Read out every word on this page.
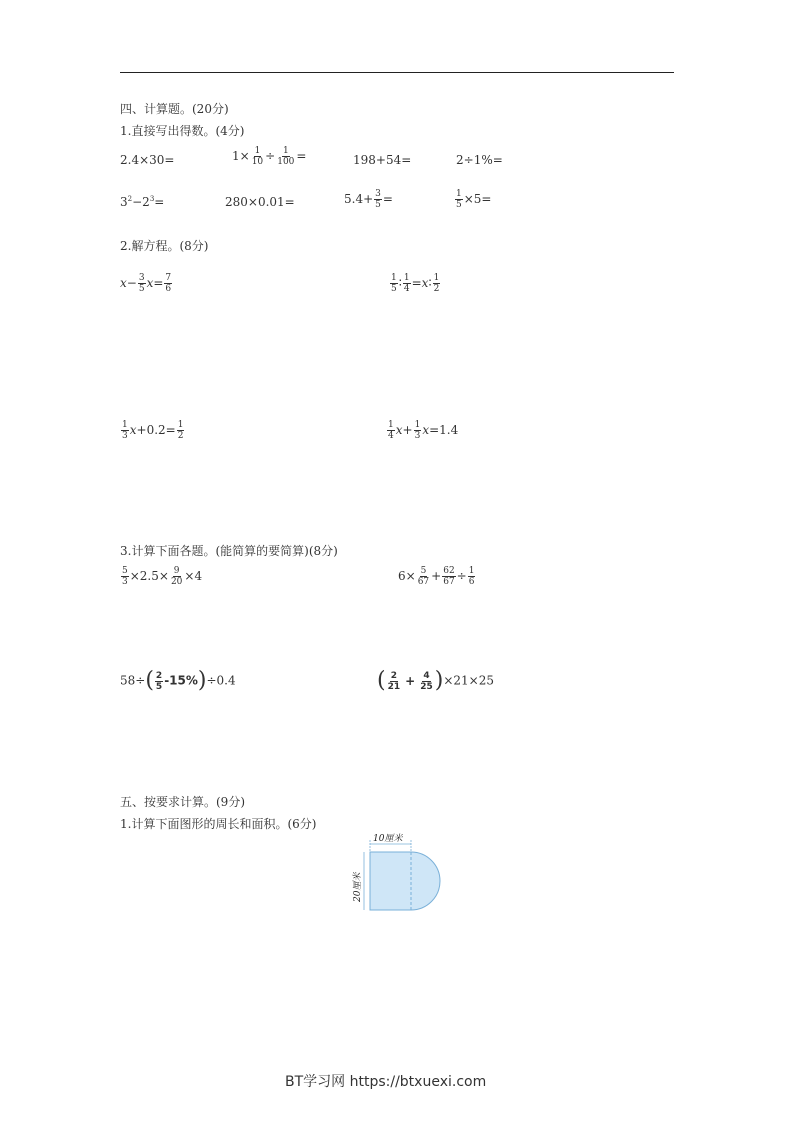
四、计算题。(20分)
1.直接写出得数。(4分)
2.4×30=	$1\times \frac{1}{10} \div \frac{1}{100}$ =	198+54=	2÷1%=
$3^2-2^3=$	280×0.01=	$5.4+ \frac{3}{5}$ =	$\frac{1}{5} \times 5=$
2.解方程。(8分)
$x- \frac{3}{5} x= \frac{7}{6}$	$\frac{1}{5}$ ∶ $\frac{1}{4}$ =x∶ $\frac{1}{2}$
$\frac{1}{3} x+0.2= \frac{1}{2}$	$\frac{1}{4} x+ \frac{1}{3} x=1.4$
3.计算下面各题。(能简算的要简算)(8分)
$\frac{5}{3} \times 2.5\times \frac{9}{20} \times 4$	$6\times \frac{5}{67} + \frac{62}{67} \div \frac{1}{6}$
$58\div( \frac{2}{5} -15\%)\div 0.4$	( $\frac{2}{21} + \frac{4}{25} )\times 21\times 25$
五、按要求计算。(9分)
1.计算下面图形的周长和面积。(6分)
10厘米
20厘米
BT学习网 https://btxuexi.com
